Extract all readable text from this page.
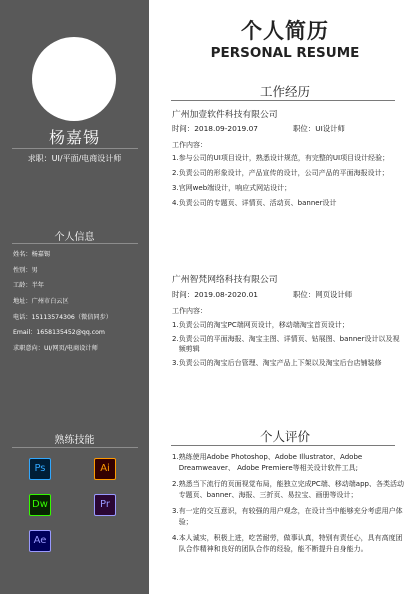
杨嘉锡
求职：UI/平面/电商设计师
个人信息
姓名：杨嘉锡
性别：男
工龄：半年
地址：广州市白云区
电话：15113574306（微信同步）
Email：1658135452@qq.com
求职意向：UI/网页/电商设计师
熟练技能
Ps	Ai
Dw	Pr
Ae
个人简历
PERSONAL RESUME
工作经历
广州加壹软件科技有限公司
时间：2018.09-2019.07	职位：UI设计师
工作内容：
1. 参与公司的UI项目设计，熟悉设计规范，有完整的UI项目设计经验；
2. 负责公司的形象设计，产品宣传的设计，公司产品的平面海报设计；
3. 官网web端设计，响应式网站设计；
4. 负责公司的专题页、详情页、活动页、banner设计
广州智梵网络科技有限公司
时间：2019.08-2020.01	职位：网页设计师
工作内容：
1. 负责公司的淘宝PC端网页设计，移动端淘宝首页设计；
2. 负责公司的平面海报、淘宝主图、详情页、钻展图、banner设计以及视频剪辑
3. 负责公司的淘宝后台管理、淘宝产品上下架以及淘宝后台店铺装修
个人评价
1. 熟练使用Adobe Photoshop、Adobe Illustrator、Adobe Dreamweaver、 Adobe Premiere等相关设计软件工具;
2. 熟悉当下流行的页面视觉布局，能独立完成PC端、移动端app、各类活动专题页、banner、海报、三折页、易拉宝、画册等设计；
3. 有一定的交互意识，有较强的用户观念，在设计当中能够充分考虑用户体验；
4. 本人诚实，积极上进，吃苦耐劳，做事认真，特别有责任心，具有高度团队合作精神和良好的团队合作的经验，能不断提升自身能力。
